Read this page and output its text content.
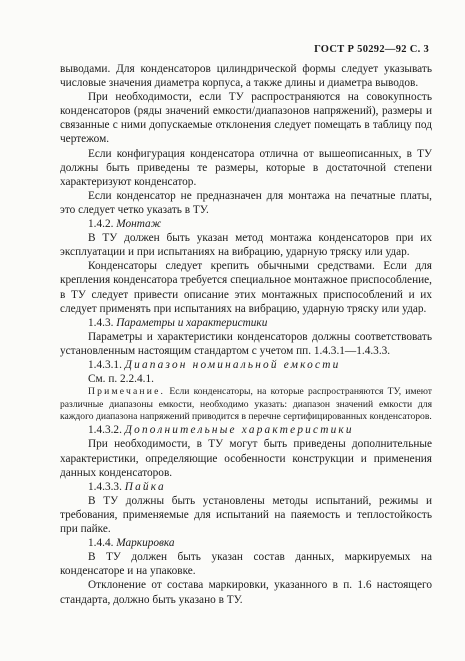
ГОСТ Р 50292—92 С. 3

выводами. Для конденсаторов цилиндрической формы следует указывать числовые значения диаметра корпуса, а также длины и диаметра выводов.

При необходимости, если ТУ распространяются на совокупность конденсаторов (ряды значений емкости/диапазонов напряжений), размеры и связанные с ними допускаемые отклонения следует помещать в таблицу под чертежом.

Если конфигурация конденсатора отлична от вышеописанных, в ТУ должны быть приведены те размеры, которые в достаточной степени характеризуют конденсатор.

Если конденсатор не предназначен для монтажа на печатные платы, это следует четко указать в ТУ.

1.4.2. Монтаж

В ТУ должен быть указан метод монтажа конденсаторов при их эксплуатации и при испытаниях на вибрацию, ударную тряску или удар.

Конденсаторы следует крепить обычными средствами. Если для крепления конденсатора требуется специальное монтажное приспособление, в ТУ следует привести описание этих монтажных приспособлений и их следует применять при испытаниях на вибрацию, ударную тряску или удар.

1.4.3. Параметры и характеристики

Параметры и характеристики конденсаторов должны соответствовать установленным настоящим стандартом с учетом пп. 1.4.3.1—1.4.3.3.

1.4.3.1. Диапазон номинальной емкости

См. п. 2.2.4.1.

Примечание. Если конденсаторы, на которые распространяются ТУ, имеют различные диапазоны емкости, необходимо указать: диапазон значений емкости для каждого диапазона напряжений приводится в перечне сертифицированных конденсаторов.

1.4.3.2. Дополнительные характеристики

При необходимости, в ТУ могут быть приведены дополнительные характеристики, определяющие особенности конструкции и применения данных конденсаторов.

1.4.3.3. Пайка

В ТУ должны быть установлены методы испытаний, режимы и требования, применяемые для испытаний на паяемость и теплостойкость при пайке.

1.4.4. Маркировка

В ТУ должен быть указан состав данных, маркируемых на конденсаторе и на упаковке.

Отклонение от состава маркировки, указанного в п. 1.6 настоящего стандарта, должно быть указано в ТУ.
